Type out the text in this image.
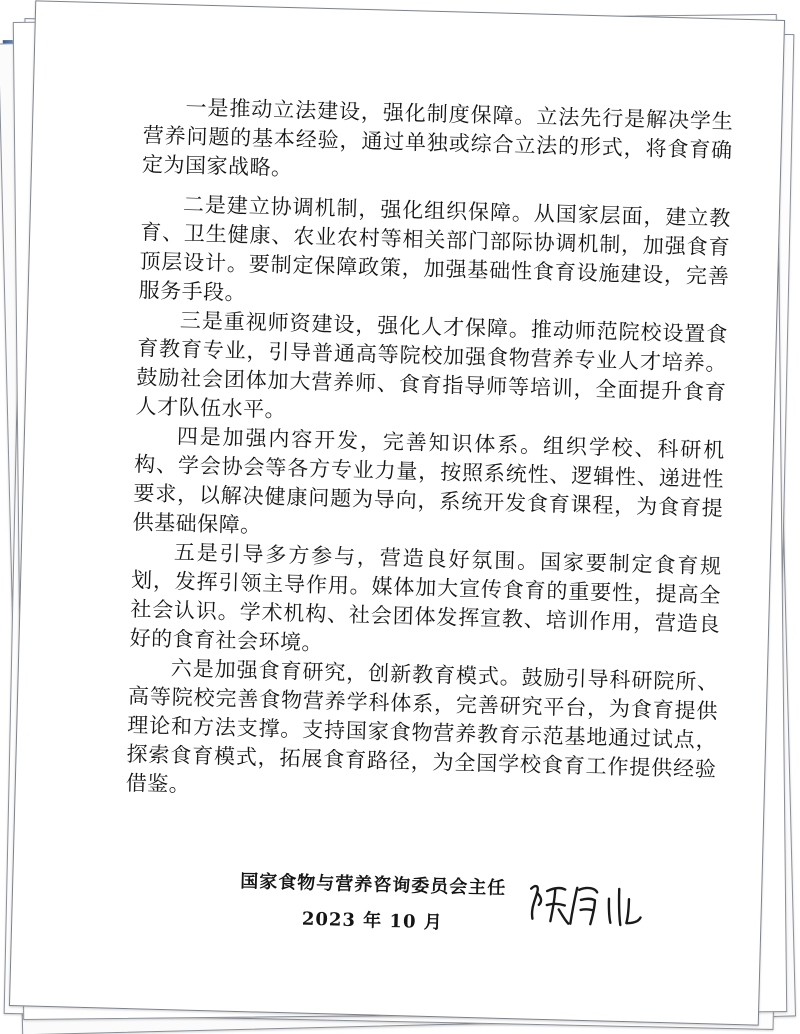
一是推动立法建设，强化制度保障。立法先行是解决学生营养问题的基本经验，通过单独或综合立法的形式，将食育确定为国家战略。

二是建立协调机制，强化组织保障。从国家层面，建立教育、卫生健康、农业农村等相关部门部际协调机制，加强食育顶层设计。要制定保障政策，加强基础性食育设施建设，完善服务手段。

三是重视师资建设，强化人才保障。推动师范院校设置食育教育专业，引导普通高等院校加强食物营养专业人才培养。鼓励社会团体加大营养师、食育指导师等培训，全面提升食育人才队伍水平。

四是加强内容开发，完善知识体系。组织学校、科研机构、学会协会等各方专业力量，按照系统性、逻辑性、递进性要求，以解决健康问题为导向，系统开发食育课程，为食育提供基础保障。

五是引导多方参与，营造良好氛围。国家要制定食育规划，发挥引领主导作用。媒体加大宣传食育的重要性，提高全社会认识。学术机构、社会团体发挥宣教、培训作用，营造良好的食育社会环境。

六是加强食育研究，创新教育模式。鼓励引导科研院所、高等院校完善食物营养学科体系，完善研究平台，为食育提供理论和方法支撑。支持国家食物营养教育示范基地通过试点，探索食育模式，拓展食育路径，为全国学校食育工作提供经验借鉴。

国家食物与营养咨询委员会主任
2023 年 10 月
